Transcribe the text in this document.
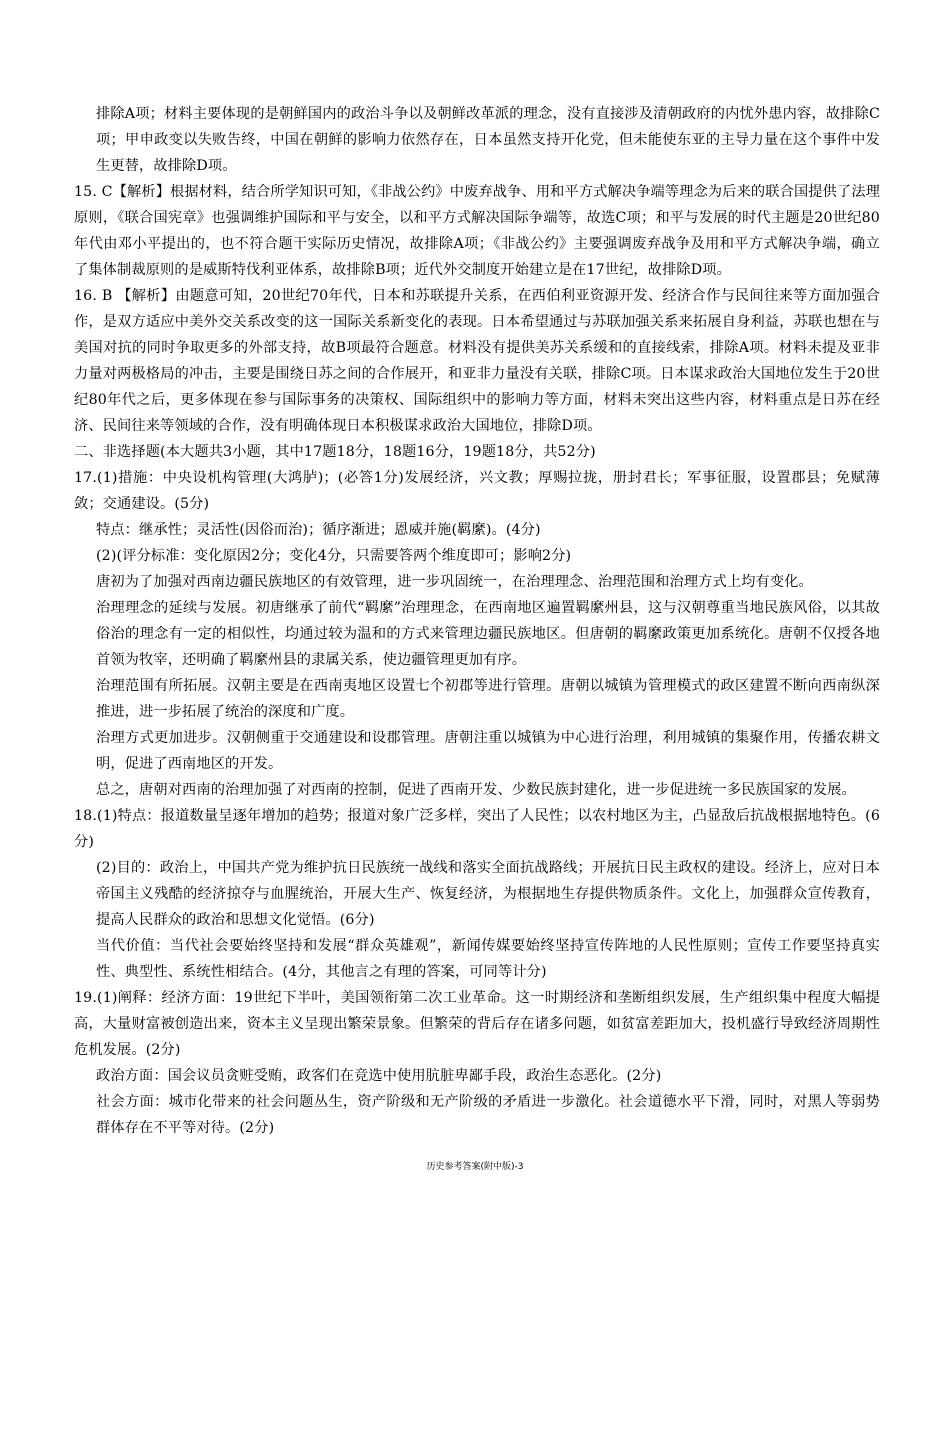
排除A项；材料主要体现的是朝鲜国内的政治斗争以及朝鲜改革派的理念，没有直接涉及清朝政府的内忧外患内容，故排除C项；甲申政变以失败告终，中国在朝鲜的影响力依然存在，日本虽然支持开化党，但未能使东亚的主导力量在这个事件中发生更替，故排除D项。

15. C【解析】根据材料，结合所学知识可知，《非战公约》中废弃战争、用和平方式解决争端等理念为后来的联合国提供了法理原则，《联合国宪章》也强调维护国际和平与安全，以和平方式解决国际争端等，故选C项；和平与发展的时代主题是20世纪80年代由邓小平提出的，也不符合题干实际历史情况，故排除A项；《非战公约》主要强调废弃战争及用和平方式解决争端，确立了集体制裁原则的是威斯特伐利亚体系，故排除B项；近代外交制度开始建立是在17世纪，故排除D项。

16. B 【解析】由题意可知，20世纪70年代，日本和苏联提升关系，在西伯利亚资源开发、经济合作与民间往来等方面加强合作，是双方适应中美外交关系改变的这一国际关系新变化的表现。日本希望通过与苏联加强关系来拓展自身利益，苏联也想在与美国对抗的同时争取更多的外部支持，故B项最符合题意。材料没有提供美苏关系缓和的直接线索，排除A项。材料未提及亚非力量对两极格局的冲击，主要是围绕日苏之间的合作展开，和亚非力量没有关联，排除C项。日本谋求政治大国地位发生于20世纪80年代之后，更多体现在参与国际事务的决策权、国际组织中的影响力等方面，材料未突出这些内容，材料重点是日苏在经济、民间往来等领域的合作，没有明确体现日本积极谋求政治大国地位，排除D项。

二、非选择题(本大题共3小题，其中17题18分，18题16分，19题18分，共52分)

17.(1)措施：中央设机构管理(大鸿胪)；(必答1分)发展经济，兴文教；厚赐拉拢，册封君长；军事征服，设置郡县；免赋薄敛；交通建设。(5分)

特点：继承性；灵活性(因俗而治)；循序渐进；恩威并施(羁縻)。(4分)

(2)(评分标准：变化原因2分；变化4分，只需要答两个维度即可；影响2分)

唐初为了加强对西南边疆民族地区的有效管理，进一步巩固统一，在治理理念、治理范围和治理方式上均有变化。

治理理念的延续与发展。初唐继承了前代“羁縻”治理理念，在西南地区遍置羁縻州县，这与汉朝尊重当地民族风俗，以其故俗治的理念有一定的相似性，均通过较为温和的方式来管理边疆民族地区。但唐朝的羁縻政策更加系统化。唐朝不仅授各地首领为牧宰，还明确了羁縻州县的隶属关系，使边疆管理更加有序。

治理范围有所拓展。汉朝主要是在西南夷地区设置七个初郡等进行管理。唐朝以城镇为管理模式的政区建置不断向西南纵深推进，进一步拓展了统治的深度和广度。

治理方式更加进步。汉朝侧重于交通建设和设郡管理。唐朝注重以城镇为中心进行治理，利用城镇的集聚作用，传播农耕文明，促进了西南地区的开发。

总之，唐朝对西南的治理加强了对西南的控制，促进了西南开发、少数民族封建化，进一步促进统一多民族国家的发展。

18.(1)特点：报道数量呈逐年增加的趋势；报道对象广泛多样，突出了人民性；以农村地区为主，凸显敌后抗战根据地特色。(6分)

(2)目的：政治上，中国共产党为维护抗日民族统一战线和落实全面抗战路线；开展抗日民主政权的建设。经济上，应对日本帝国主义残酷的经济掠夺与血腥统治，开展大生产、恢复经济，为根据地生存提供物质条件。文化上，加强群众宣传教育，提高人民群众的政治和思想文化觉悟。(6分)

当代价值：当代社会要始终坚持和发展“群众英雄观”，新闻传媒要始终坚持宣传阵地的人民性原则；宣传工作要坚持真实性、典型性、系统性相结合。(4分，其他言之有理的答案，可同等计分)

19.(1)阐释：经济方面：19世纪下半叶，美国领衔第二次工业革命。这一时期经济和垄断组织发展，生产组织集中程度大幅提高，大量财富被创造出来，资本主义呈现出繁荣景象。但繁荣的背后存在诸多问题，如贫富差距加大，投机盛行导致经济周期性危机发展。(2分)

政治方面：国会议员贪赃受贿，政客们在竞选中使用肮脏卑鄙手段，政治生态恶化。(2分)

社会方面：城市化带来的社会问题丛生，资产阶级和无产阶级的矛盾进一步激化。社会道德水平下滑，同时，对黑人等弱势群体存在不平等对待。(2分)

历史参考答案(附中版)-3
